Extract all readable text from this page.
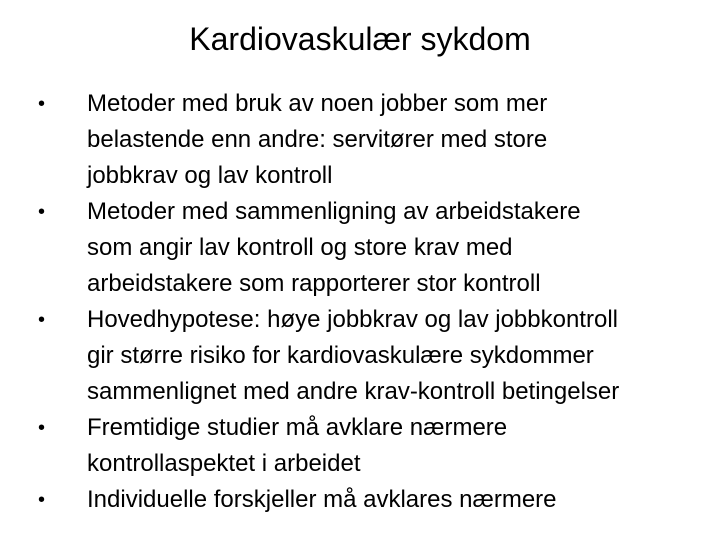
Kardiovaskulær sykdom
•	Metoder med bruk av noen jobber som mer
belastende enn andre: servitører med store
jobbkrav og lav kontroll
•	Metoder med sammenligning av arbeidstakere
som angir lav kontroll og store krav med
arbeidstakere som rapporterer stor kontroll
•	Hovedhypotese: høye jobbkrav og lav jobbkontroll
gir større risiko for kardiovaskulære sykdommer
sammenlignet med andre krav-kontroll betingelser
•	Fremtidige studier må avklare nærmere
kontrollaspektet i arbeidet
•	Individuelle forskjeller må avklares nærmere
